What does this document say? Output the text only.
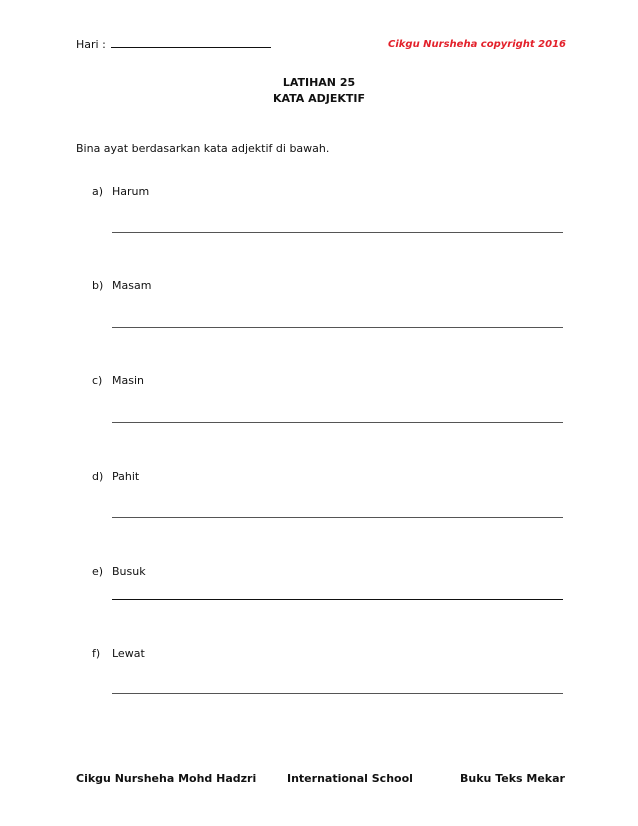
Hari :	Cikgu Nursheha copyright 2016
LATIHAN 25
KATA ADJEKTIF
Bina ayat berdasarkan kata adjektif di bawah.
a) Harum
b) Masam
c) Masin
d) Pahit
e) Busuk
f) Lewat
Cikgu Nursheha Mohd Hadzri	International School	Buku Teks Mekar
